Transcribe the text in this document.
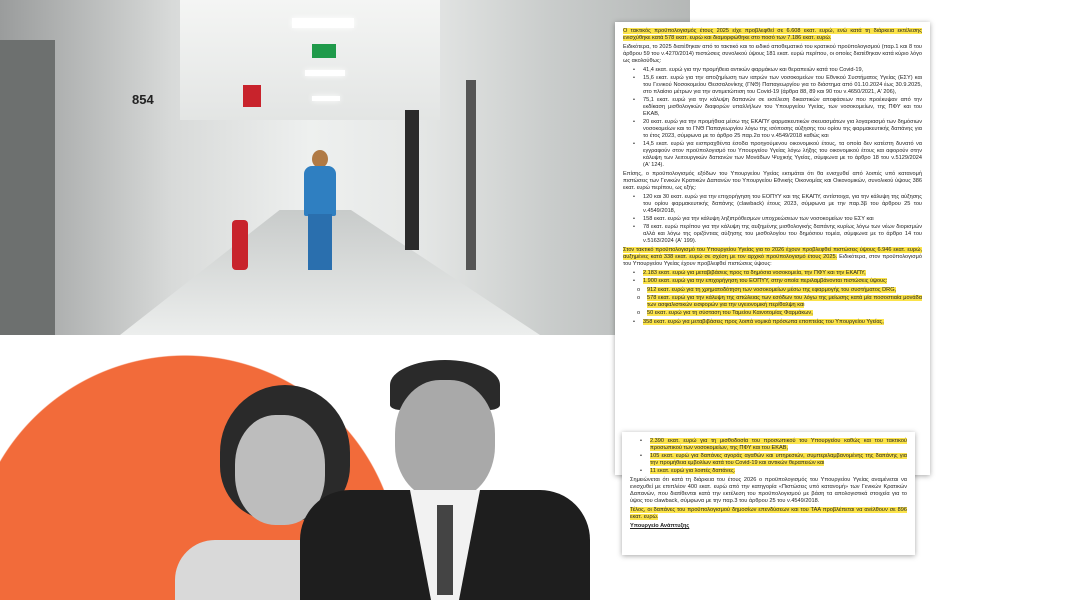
854

Ο τακτικός προϋπολογισμός έτους 2025 είχε προβλεφθεί σε 6.608 εκατ. ευρώ, ενώ κατά τη διάρκεια εκτέλεσης ενισχύθηκε κατά 578 εκατ. ευρώ και διαμορφώθηκε στο ποσό των 7.186 εκατ. ευρώ.

Ειδικότερα, το 2025 διατέθηκαν από το τακτικό και το ειδικό αποθεματικό του κρατικού προϋπολογισμού (παρ.1 και 8 του άρθρου 59 του ν.4270/2014) πιστώσεις συνολικού ύψους 181 εκατ. ευρώ περίπου, οι οποίες διατέθηκαν κατά κύριο λόγο ως ακολούθως:

• 41,4 εκατ. ευρώ για την προμήθεια αντικών φαρμάκων και θεραπειών κατά του Covid-19,
• 15,6 εκατ. ευρώ για την αποζημίωση των ιατρών των νοσοκομείων του Εθνικού Συστήματος Υγείας (ΕΣΥ) και του Γενικού Νοσοκομείου Θεσσαλονίκης (ΓΝΘ) Παπαγεωργίου για το διάστημα από 01.10.2024 έως 30.9.2025, στο πλαίσιο μέτρων για την αντιμετώπιση του Covid-19 (άρθρα 88, 89 και 90 του ν.4650/2021, Α' 206),
• 75,1 εκατ. ευρώ για την κάλυψη δαπανών σε εκτέλεση δικαστικών αποφάσεων που προέκυψαν από την εκδίκαση μισθολογικών διαφορών υπαλλήλων του Υπουργείου Υγείας, των νοσοκομείων, της ΠΦΥ και του ΕΚΑΒ,
• 20 εκατ. ευρώ για την προμήθεια μέσω της ΕΚΑΠΥ φαρμακευτικών σκευασμάτων για λογαριασμό των δημόσιων νοσοκομείων και το ΓΝΘ Παπαγεωργίου λόγω της ισόποσης αύξησης του ορίου της φαρμακευτικής δαπάνης για το έτος 2023, σύμφωνα με το άρθρο 25 παρ.2α του ν.4549/2018 καθώς και
• 14,5 εκατ. ευρώ για εισπραχθέντα έσοδα προηγούμενου οικονομικού έτους, τα οποία δεν κατέστη δυνατό να εγγραφούν στον προϋπολογισμό του Υπουργείου Υγείας λόγω λήξης του οικονομικού έτους και αφορούν στην κάλυψη των λειτουργικών δαπανών των Μονάδων Ψυχικής Υγείας, σύμφωνα με το άρθρο 18 του ν.5129/2024 (Α' 124).

Επίσης, ο προϋπολογισμός εξόδων του Υπουργείου Υγείας εκτιμάται ότι θα ενισχυθεί από λοιπές υπό κατανομή πιστώσεις των Γενικών Κρατικών Δαπανών του Υπουργείου Εθνικής Οικονομίας και Οικονομικών, συνολικού ύψους 386 εκατ. ευρώ περίπου, ως εξής:

• 120 και 30 εκατ. ευρώ για την επιχορήγηση του ΕΟΠΥΥ και της ΕΚΑΠΥ, αντίστοιχα, για την κάλυψη της αύξησης του ορίου φαρμακευτικής δαπάνης (clawback) έτους 2023, σύμφωνα με την παρ.3β του άρθρου 25 του ν.4549/2018,
• 158 εκατ. ευρώ για την κάλυψη ληξιπρόθεσμων υποχρεώσεων των νοσοκομείων του ΕΣΥ και
• 78 εκατ. ευρώ περίπου για την κάλυψη της αυξημένης μισθολογικής δαπάνης κυρίως λόγω των νέων διορισμών αλλά και λόγω της οριζόντιας αύξησης του μισθολογίου του δημόσιου τομέα, σύμφωνα με το άρθρο 14 του ν.5163/2024 (Α' 199).

Στον τακτικό προϋπολογισμό του Υπουργείου Υγείας για το 2026 έχουν προβλεφθεί πιστώσεις ύψους 6.946 εκατ. ευρώ, αυξημένες κατά 338 εκατ. ευρώ σε σχέση με τον αρχικό προϋπολογισμό έτους 2025. Ειδικότερα, στον προϋπολογισμό του Υπουργείου Υγείας έχουν προβλεφθεί πιστώσεις ύψους:

• 2.183 εκατ. ευρώ για μεταβιβάσεις προς τα δημόσια νοσοκομεία, την ΠΦΥ και την ΕΚΑΠΥ,
• 1.900 εκατ. ευρώ για την επιχορήγηση του ΕΟΠΥΥ, στην οποία περιλαμβάνονται πιστώσεις ύψους:
o 912 εκατ. ευρώ για τη χρηματοδότηση των νοσοκομείων μέσω της εφαρμογής του συστήματος DRG,
o 578 εκατ. ευρώ για την κάλυψη της απώλειας των εσόδων του λόγω της μείωσης κατά μία ποσοστιαία μονάδα των ασφαλιστικών εισφορών για την υγειονομική περίθαλψη και
o 50 εκατ. ευρώ για τη σύσταση του Ταμείου Καινοτομίας Φαρμάκων,
• 358 εκατ. ευρώ για μεταβιβάσεις προς λοιπά νομικά πρόσωπα εποπτείας του Υπουργείου Υγείας,
• 2.390 εκατ. ευρώ για τη μισθοδοσία του προσωπικού του Υπουργείου καθώς και του τακτικού προσωπικού των νοσοκομείων, της ΠΦΥ και του ΕΚΑΒ,
• 105 εκατ. ευρώ για δαπάνες αγοράς αγαθών και υπηρεσιών, συμπεριλαμβανομένης της δαπάνης για την προμήθεια εμβολίων κατά του Covid-19 και αντικών θεραπειών και
• 11 εκατ. ευρώ για λοιπές δαπάνες.

Σημειώνεται ότι κατά τη διάρκεια του έτους 2026 ο προϋπολογισμός του Υπουργείου Υγείας αναμένεται να ενισχυθεί με επιπλέον 400 εκατ. ευρώ από την κατηγορία «Πιστώσεις υπό κατανομή» των Γενικών Κρατικών Δαπανών, που διατίθενται κατά την εκτέλεση του προϋπολογισμού με βάση τα απολογιστικά στοιχεία για το ύψος του clawback, σύμφωνα με την παρ.3 του άρθρου 25 του ν.4549/2018.

Τέλος, οι δαπάνες του προϋπολογισμού δημοσίων επενδύσεων και του ΤΑΑ προβλέπεται να ανέλθουν σε 896 εκατ. ευρώ.

Υπουργείο Ανάπτυξης
